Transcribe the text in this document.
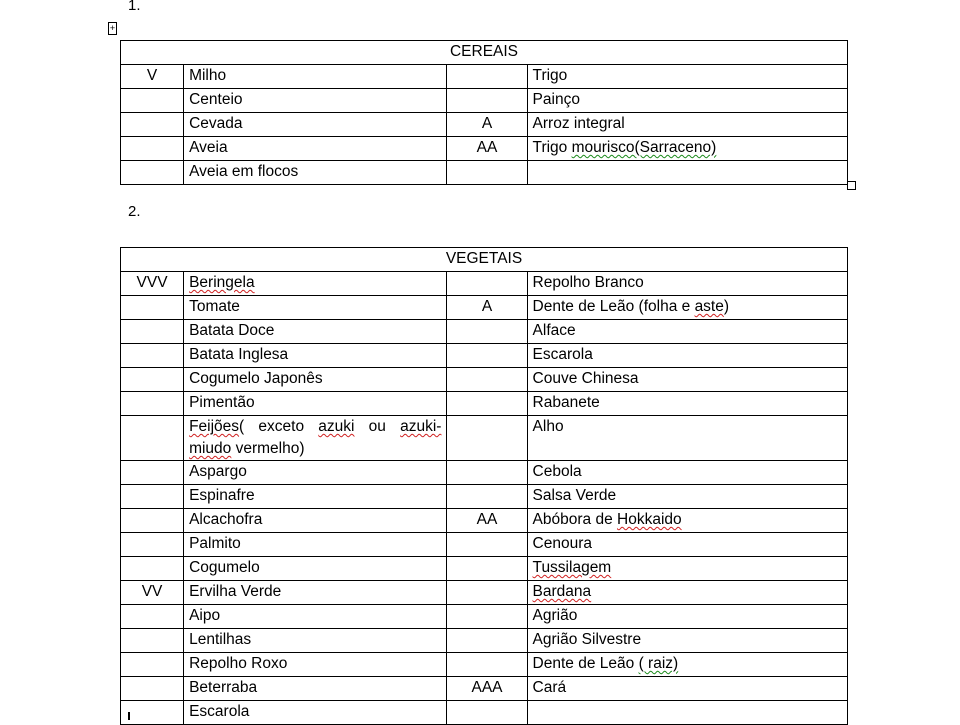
1.
+
CEREAIS			
V	Milho		Trigo
	Centeio		Painço
	Cevada	A	Arroz integral
	Aveia	AA	Trigo mourisco(Sarraceno)
	Aveia em flocos		
2.
VEGETAIS			
VVV	Beringela		Repolho Branco
	Tomate	A	Dente de Leão (folha e aste)
	Batata Doce		Alface
	Batata Inglesa		Escarola
	Cogumelo Japonês		Couve Chinesa
	Pimentão		Rabanete
	Feijões( exceto azuki ou azuki-miudo vermelho)		Alho
	Aspargo		Cebola
	Espinafre		Salsa Verde
	Alcachofra	AA	Abóbora de Hokkaido
	Palmito		Cenoura
	Cogumelo		Tussilagem
VV	Ervilha Verde		Bardana
	Aipo		Agrião
	Lentilhas		Agrião Silvestre
	Repolho Roxo		Dente de Leão ( raiz)
	Beterraba	AAA	Cará
	Escarola		
